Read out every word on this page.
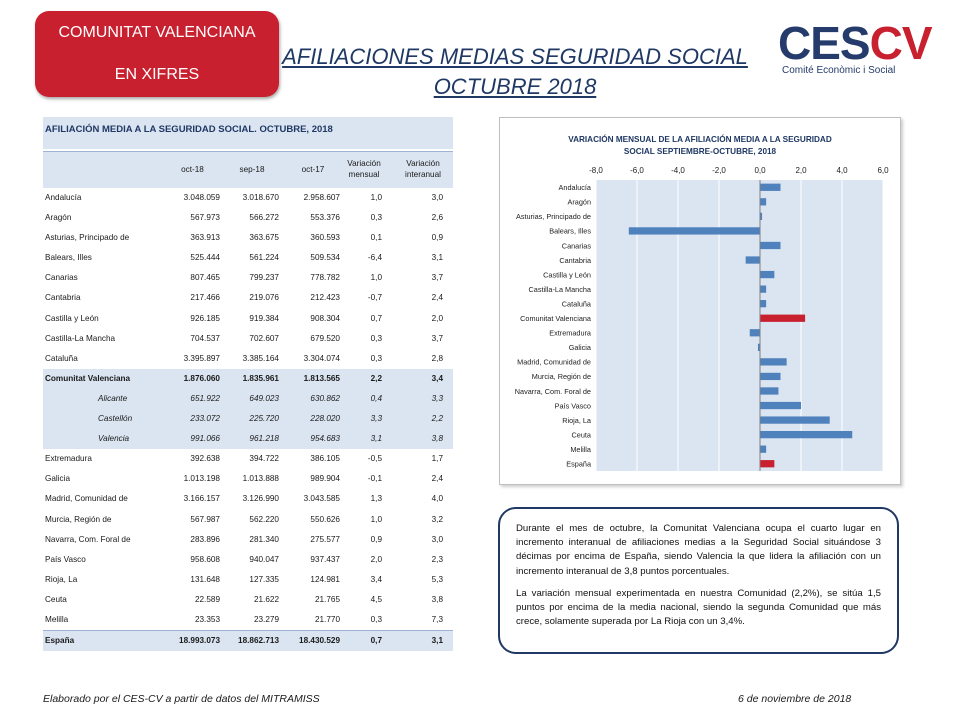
COMUNITAT VALENCIANA
EN XIFRES
AFILIACIONES MEDIAS SEGURIDAD SOCIAL
OCTUBRE 2018
CESCV
Comité Econòmic i Social
AFILIACIÓN MEDIA A LA SEGURIDAD SOCIAL. OCTUBRE, 2018
oct-18	sep-18	oct-17
Variación mensual
Variación interanual
Andalucía	3.048.059	3.018.670	2.958.607	1,0	3,0
Aragón	567.973	566.272	553.376	0,3	2,6
Asturias, Principado de	363.913	363.675	360.593	0,1	0,9
Balears, Illes	525.444	561.224	509.534	-6,4	3,1
Canarias	807.465	799.237	778.782	1,0	3,7
Cantabria	217.466	219.076	212.423	-0,7	2,4
Castilla y León	926.185	919.384	908.304	0,7	2,0
Castilla-La Mancha	704.537	702.607	679.520	0,3	3,7
Cataluña	3.395.897	3.385.164	3.304.074	0,3	2,8
Comunitat Valenciana	1.876.060	1.835.961	1.813.565	2,2	3,4
Alicante	651.922	649.023	630.862	0,4	3,3
Castellón	233.072	225.720	228.020	3,3	2,2
Valencia	991.066	961.218	954.683	3,1	3,8
Extremadura	392.638	394.722	386.105	-0,5	1,7
Galicia	1.013.198	1.013.888	989.904	-0,1	2,4
Madrid, Comunidad de	3.166.157	3.126.990	3.043.585	1,3	4,0
Murcia, Región de	567.987	562.220	550.626	1,0	3,2
Navarra, Com. Foral de	283.896	281.340	275.577	0,9	3,0
País Vasco	958.608	940.047	937.437	2,0	2,3
Rioja, La	131.648	127.335	124.981	3,4	5,3
Ceuta	22.589	21.622	21.765	4,5	3,8
Melilla	23.353	23.279	21.770	0,3	7,3
España	18.993.073 18.862.713 18.430.529	0,7	3,1
VARIACIÓN MENSUAL DE LA AFILIACIÓN MEDIA A LA SEGURIDAD
SOCIAL SEPTIEMBRE-OCTUBRE, 2018
-8,0	-6,0	-4,0	-2,0	0,0	2,0	4,0	6,0
Andalucía
Aragón
Asturias, Principado de
Balears, Illes
Canarias
Cantabria
Castilla y León
Castilla-La Mancha
Cataluña
Comunitat Valenciana
Extremadura
Galicia
Madrid, Comunidad de
Murcia, Región de
Navarra, Com. Foral de
País Vasco
Rioja, La
Ceuta
Melilla
España

Durante el mes de octubre, la Comunitat Valenciana ocupa el cuarto lugar en incremento interanual de afiliaciones medias a la Seguridad Social situándose 3 décimas por encima de España, siendo Valencia la que lidera la afiliación con un incremento interanual de 3,8 puntos porcentuales.

La variación mensual experimentada en nuestra Comunidad (2,2%), se sitúa 1,5 puntos por encima de la media nacional, siendo la segunda Comunidad que más crece, solamente superada por La Rioja con un 3,4%.

Elaborado por el CES-CV a partir de datos del MITRAMISS	6 de noviembre de 2018
